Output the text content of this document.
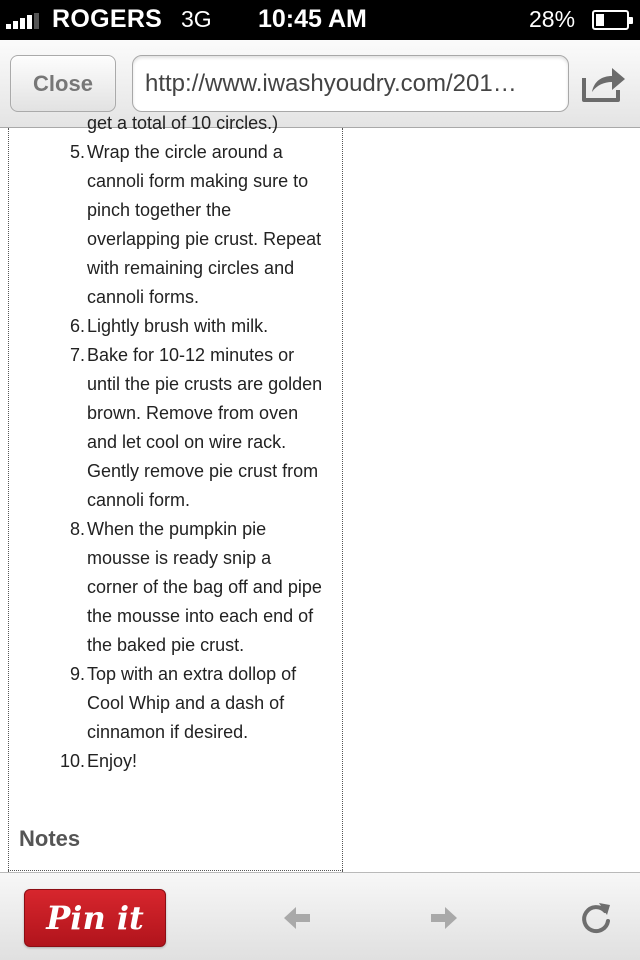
ROGERS 3G 10:45 AM	28%
Close	http://www.iwashyoudry.com/201…
get a total of 10 circles.)
5. Wrap the circle around a cannoli form making sure to pinch together the overlapping pie crust. Repeat with remaining circles and cannoli forms.
6. Lightly brush with milk.
7. Bake for 10-12 minutes or until the pie crusts are golden brown. Remove from oven and let cool on wire rack. Gently remove pie crust from cannoli form.
8. When the pumpkin pie mousse is ready snip a corner of the bag off and pipe the mousse into each end of the baked pie crust.
9. Top with an extra dollop of Cool Whip and a dash of cinnamon if desired.
10. Enjoy!
Notes
Pin it
